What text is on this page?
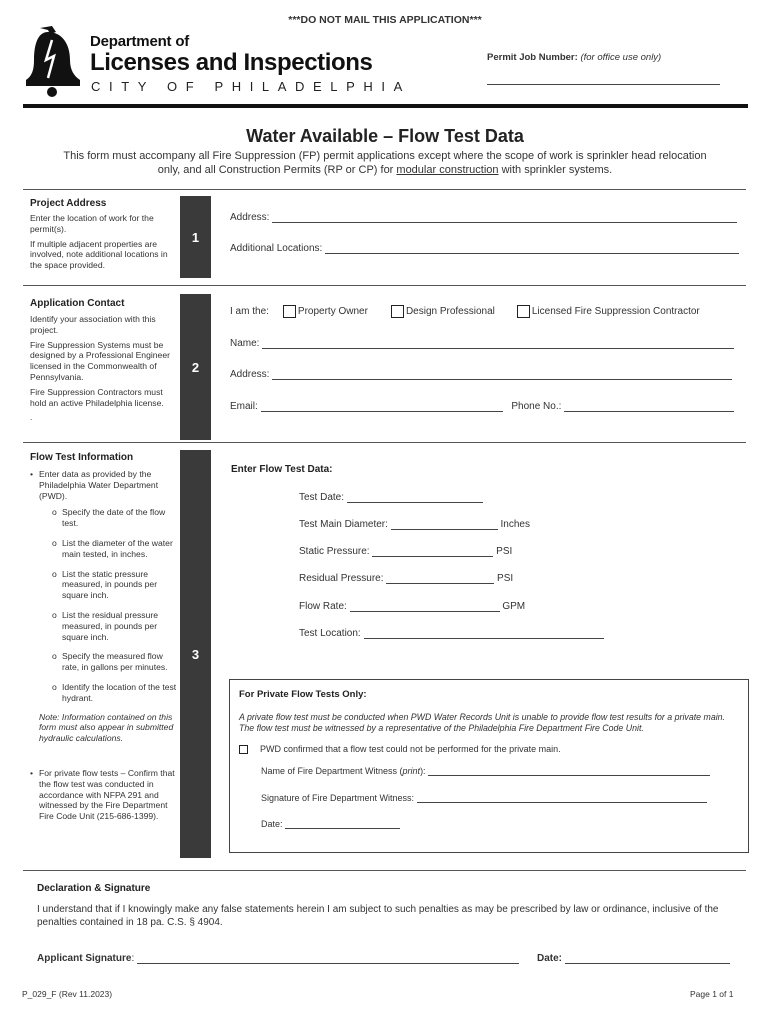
***DO NOT MAIL THIS APPLICATION***
Department of
Licenses and Inspections
CITY OF PHILADELPHIA
Permit Job Number: (for office use only)
Water Available – Flow Test Data
This form must accompany all Fire Suppression (FP) permit applications except where the scope of work is sprinkler head relocation only, and all Construction Permits (RP or CP) for modular construction with sprinkler systems.
Project Address

Enter the location of work for the permit(s).

If multiple adjacent properties are involved, note additional locations in the space provided.

1
Address:
Additional Locations:
Application Contact

Identify your association with this project.

Fire Suppression Systems must be designed by a Professional Engineer licensed in the Commonwealth of Pennsylvania.

Fire Suppression Contractors must hold an active Philadelphia license.

.

2
I am the:	Property Owner	Design Professional	Licensed Fire Suppression Contractor
Name:
Address:
Email:	Phone No.:
Flow Test Information
• Enter data as provided by the Philadelphia Water Department (PWD).
o Specify the date of the flow test.
o List the diameter of the water main tested, in inches.
o List the static pressure measured, in pounds per square inch.
o List the residual pressure measured, in pounds per square inch.
o Specify the measured flow rate, in gallons per minutes.
o Identify the location of the test hydrant.
Note: Information contained on this form must also appear in submitted hydraulic calculations.
• For private flow tests – Confirm that the flow test was conducted in accordance with NFPA 291 and witnessed by the Fire Department Fire Code Unit (215-686-1399).
3
Enter Flow Test Data:
Test Date:
Test Main Diameter:	Inches
Static Pressure:	PSI
Residual Pressure:	PSI
Flow Rate:	GPM
Test Location:
For Private Flow Tests Only:
A private flow test must be conducted when PWD Water Records Unit is unable to provide flow test results for a private main. The flow test must be witnessed by a representative of the Philadelphia Fire Department Fire Code Unit.
PWD confirmed that a flow test could not be performed for the private main.
Name of Fire Department Witness (print):
Signature of Fire Department Witness:
Date:
Declaration & Signature
I understand that if I knowingly make any false statements herein I am subject to such penalties as may be prescribed by law or ordinance, inclusive of the penalties contained in 18 pa. C.S. § 4904.
Applicant Signature:	Date:
P_029_F (Rev 11.2023)	Page 1 of 1
